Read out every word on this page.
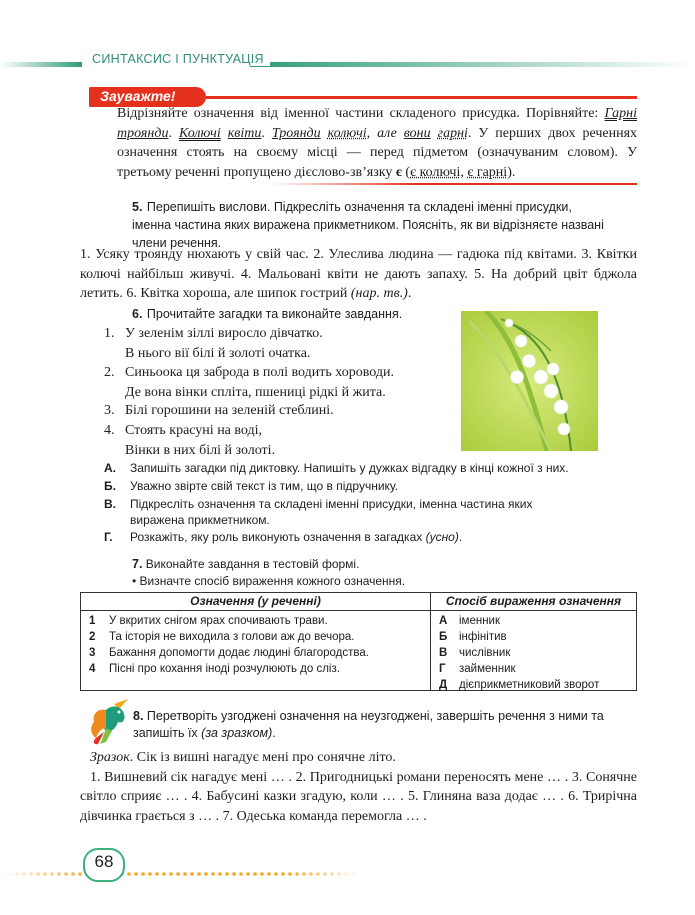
СИНТАКСИС І ПУНКТУАЦІЯ
Зауважте!
Відрізняйте означення від іменної частини складеного присудка. Порівняйте: Гарні троянди. Колючі квіти. Троянди колючі, але вони гарні. У перших двох реченнях означення стоять на своєму місці — перед підметом (означуваним словом). У третьому реченні пропущено дієслово-зв’язку є (є колючі, є гарні).
5. Перепишіть вислови. Підкресліть означення та складені іменні присудки, іменна частина яких виражена прикметником. Поясніть, як ви відрізняєте названі члени речення.
1. Усяку троянду нюхають у свій час. 2. Улеслива людина — гадюка під квітами. 3. Квітки колючі найбільш живучі. 4. Мальовані квіти не дають запаху. 5. На добрий цвіт бджола летить. 6. Квітка хороша, але шипок гострий (нар. тв.).
6. Прочитайте загадки та виконайте завдання.
1. У зеленім зіллі виросло дівчатко.
В нього вії білі й золоті очатка.
2. Синьоока ця заброда в полі водить хороводи.
Де вона вінки спліта, пшениці рідкі й жита.
3. Білі горошини на зеленій стеблині.
4. Стоять красуні на воді,
Вінки в них білі й золоті.
А. Запишіть загадки під диктовку. Напишіть у дужках відгадку в кінці кожної з них.
Б. Уважно звірте свій текст із тим, що в підручнику.
В. Підкресліть означення та складені іменні присудки, іменна частина яких виражена прикметником.
Г. Розкажіть, яку роль виконують означення в загадках (усно).
7. Виконайте завдання в тестовій формі.
• Визначте спосіб вираження кожного означення.
Означення (у реченні)	Спосіб вираження означення
1 У вкритих снігом ярах спочивають трави.
2 Та історія не виходила з голови аж до вечора.
3 Бажання допомогти додає людині благородства.
4 Пісні про кохання іноді розчулюють до сліз.
А іменник
Б інфінітив
В числівник
Г займенник
Д дієприкметниковий зворот
8. Перетворіть узгоджені означення на неузгоджені, завершіть речення з ними та запишіть їх (за зразком).
Зразок. Сік із вишні нагадує мені про сонячне літо.
1. Вишневий сік нагадує мені … . 2. Пригодницькі романи переносять мене … . 3. Сонячне світло сприяє … . 4. Бабусині казки згадую, коли … . 5. Глиняна ваза додає … . 6. Трирічна дівчинка грається з … . 7. Одеська команда перемогла … .
68
